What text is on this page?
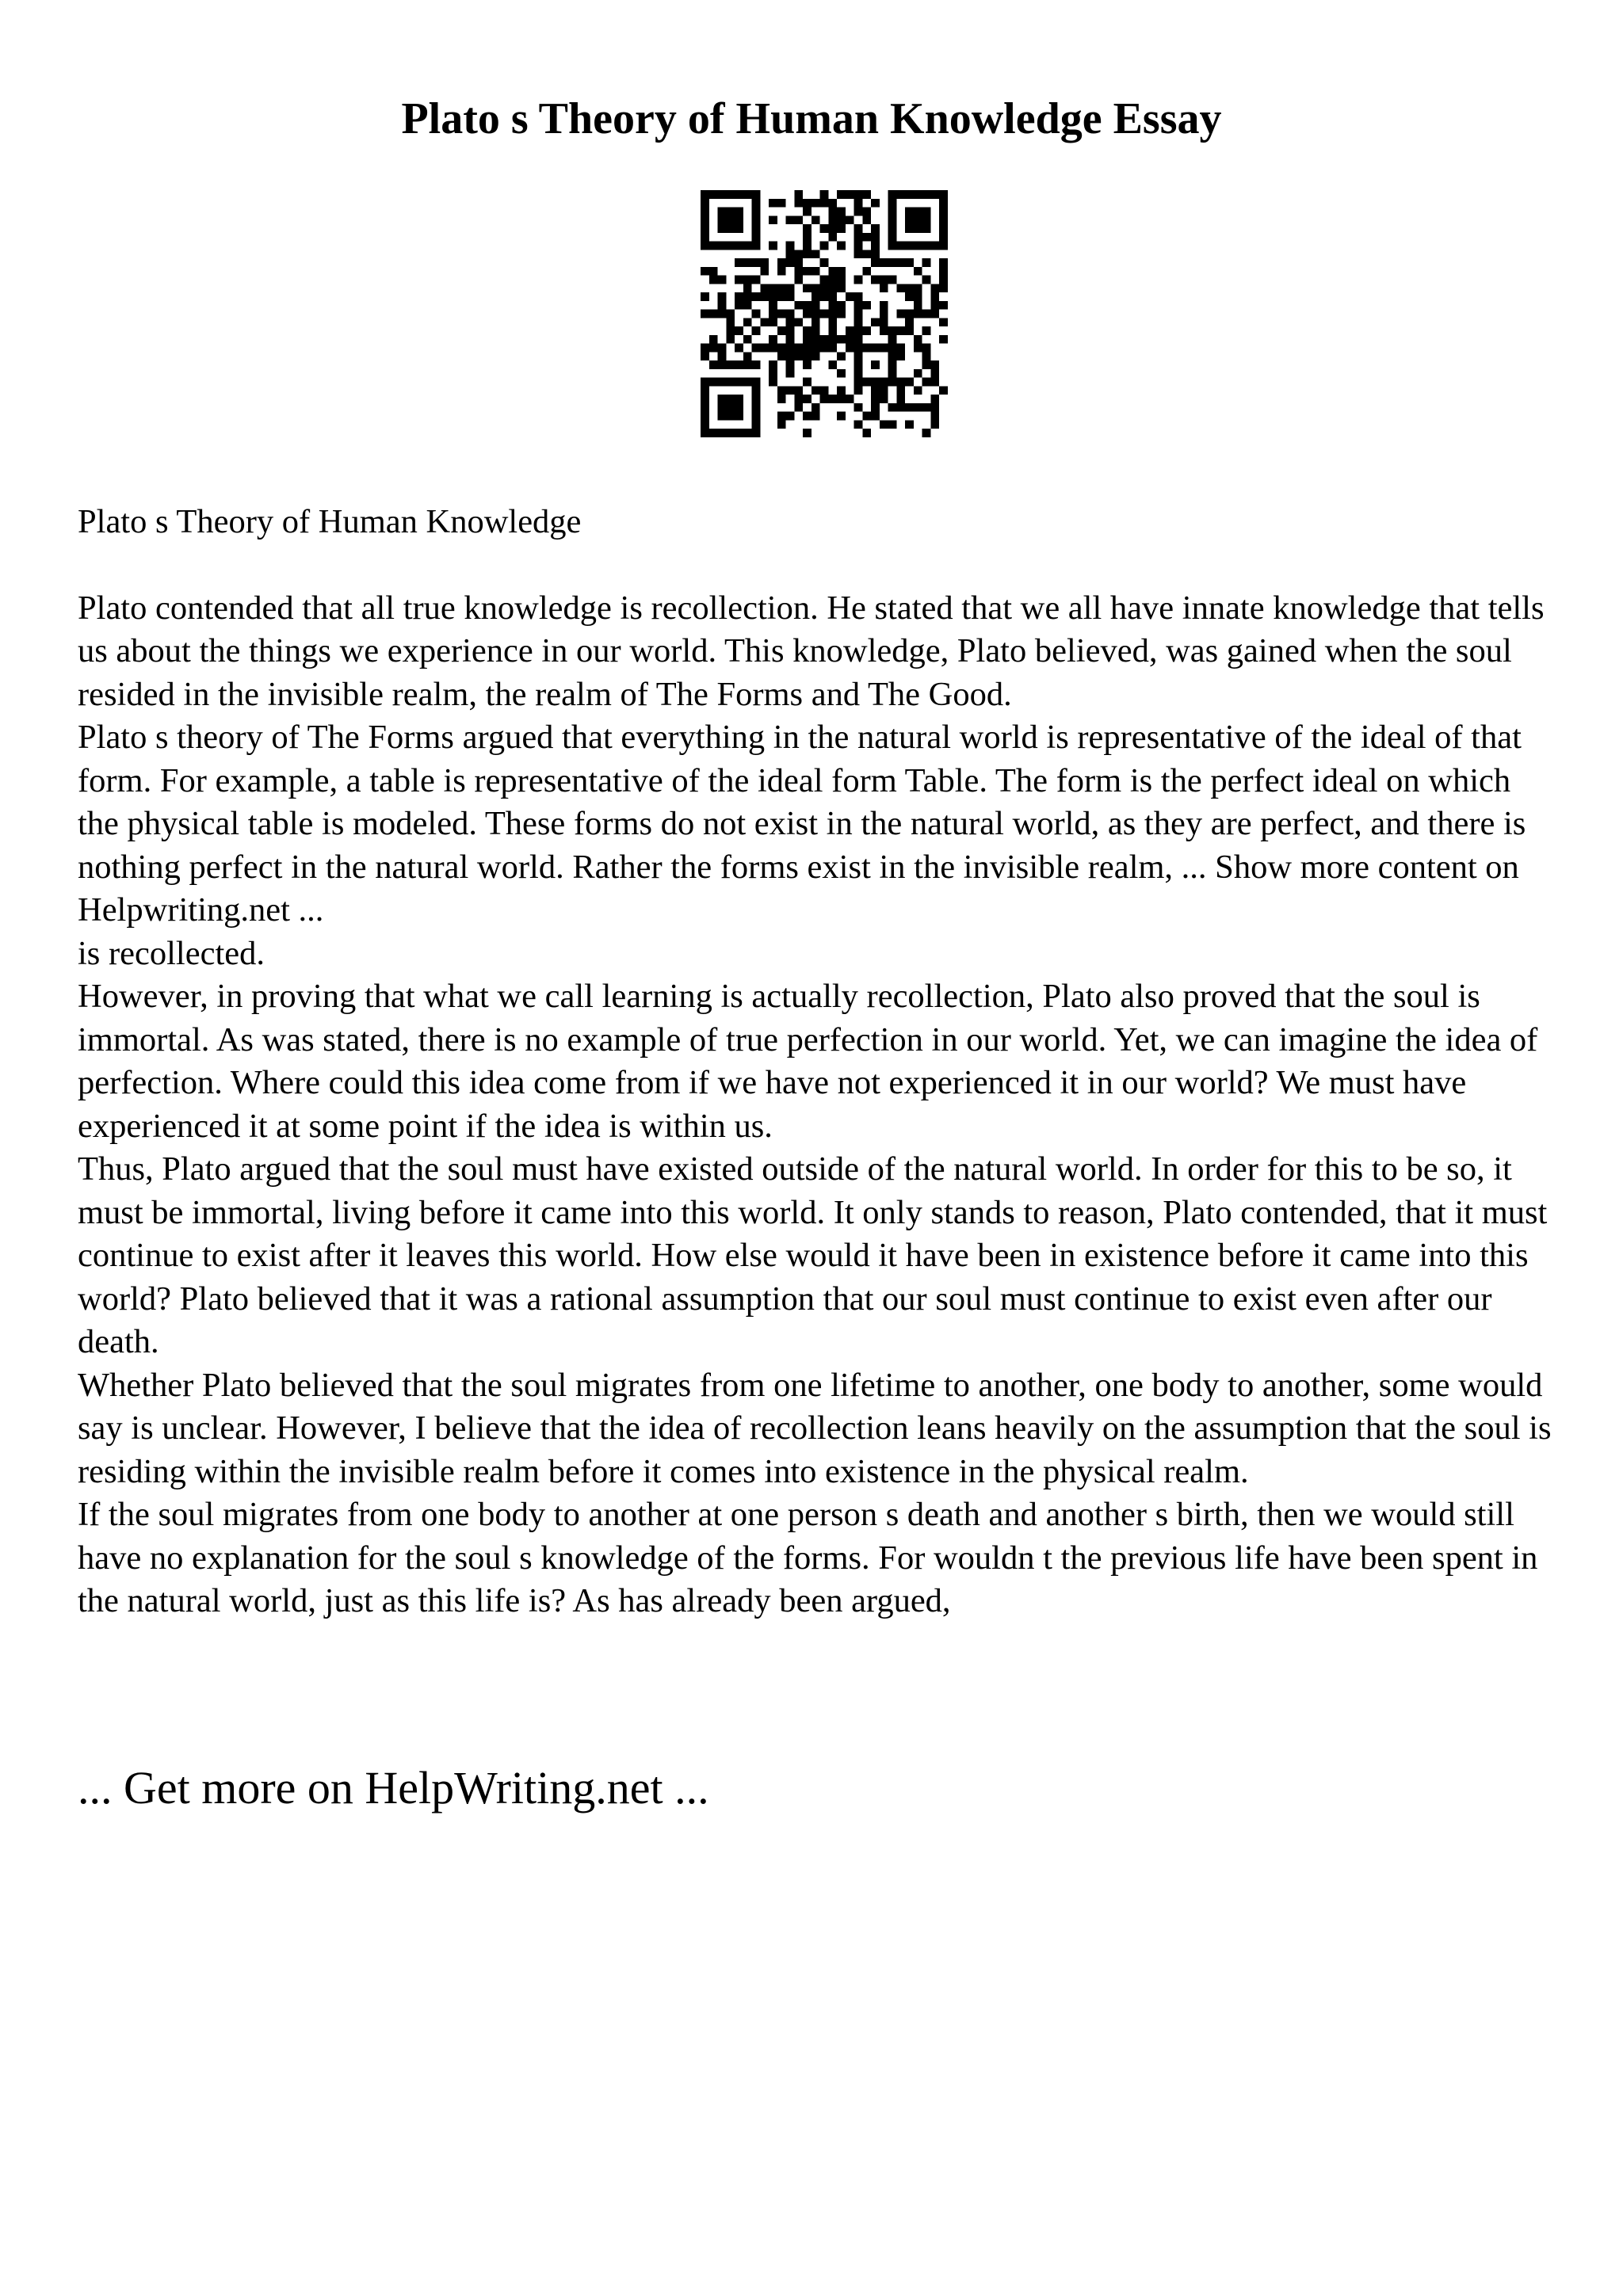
Plato s Theory of Human Knowledge Essay

Plato s Theory of Human Knowledge

Plato contended that all true knowledge is recollection. He stated that we all have innate knowledge that tells us about the things we experience in our world. This knowledge, Plato believed, was gained when the soul resided in the invisible realm, the realm of The Forms and The Good.

Plato s theory of The Forms argued that everything in the natural world is representative of the ideal of that form. For example, a table is representative of the ideal form Table. The form is the perfect ideal on which the physical table is modeled. These forms do not exist in the natural world, as they are perfect, and there is nothing perfect in the natural world. Rather the forms exist in the invisible realm, ... Show more content on Helpwriting.net ...

is recollected.

However, in proving that what we call learning is actually recollection, Plato also proved that the soul is immortal. As was stated, there is no example of true perfection in our world. Yet, we can imagine the idea of perfection. Where could this idea come from if we have not experienced it in our world? We must have experienced it at some point if the idea is within us.

Thus, Plato argued that the soul must have existed outside of the natural world. In order for this to be so, it must be immortal, living before it came into this world. It only stands to reason, Plato contended, that it must continue to exist after it leaves this world. How else would it have been in existence before it came into this world? Plato believed that it was a rational assumption that our soul must continue to exist even after our death.

Whether Plato believed that the soul migrates from one lifetime to another, one body to another, some would say is unclear. However, I believe that the idea of recollection leans heavily on the assumption that the soul is residing within the invisible realm before it comes into existence in the physical realm.

If the soul migrates from one body to another at one person s death and another s birth, then we would still have no explanation for the soul s knowledge of the forms. For wouldn t the previous life have been spent in the natural world, just as this life is? As has already been argued,

... Get more on HelpWriting.net ...
